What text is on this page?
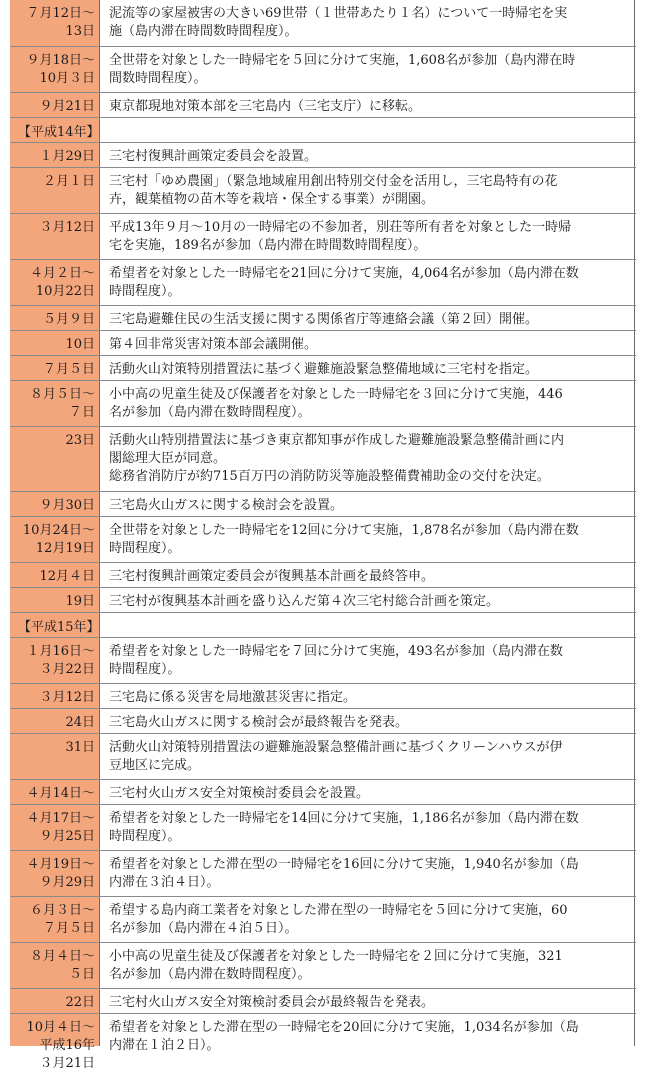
７月12日～
13日
泥流等の家屋被害の大きい69世帯（１世帯あたり１名）について一時帰宅を実
施（島内滞在時間数時間程度）。
９月18日～
10月３日
全世帯を対象とした一時帰宅を５回に分けて実施，1,608名が参加（島内滞在時
間数時間程度）。
９月21日 東京都現地対策本部を三宅島内（三宅支庁）に移転。
【平成14年】
１月29日 三宅村復興計画策定委員会を設置。
２月１日 三宅村「ゆめ農園」（緊急地域雇用創出特別交付金を活用し，三宅島特有の花
卉，観葉植物の苗木等を栽培・保全する事業）が開園。
３月12日 平成13年９月～10月の一時帰宅の不参加者，別荘等所有者を対象とした一時帰
宅を実施，189名が参加（島内滞在時間数時間程度）。
４月２日～
10月22日
希望者を対象とした一時帰宅を21回に分けて実施，4,064名が参加（島内滞在数
時間程度）。
５月９日 三宅島避難住民の生活支援に関する関係省庁等連絡会議（第２回）開催。
10日 第４回非常災害対策本部会議開催。
７月５日 活動火山対策特別措置法に基づく避難施設緊急整備地域に三宅村を指定。
８月５日～
７日
小中高の児童生徒及び保護者を対象とした一時帰宅を３回に分けて実施，446
名が参加（島内滞在数時間程度）。
23日 活動火山特別措置法に基づき東京都知事が作成した避難施設緊急整備計画に内
閣総理大臣が同意。
総務省消防庁が約715百万円の消防防災等施設整備費補助金の交付を決定。
９月30日 三宅島火山ガスに関する検討会を設置。
10月24日～
12月19日
全世帯を対象とした一時帰宅を12回に分けて実施，1,878名が参加（島内滞在数
時間程度）。
12月４日 三宅村復興計画策定委員会が復興基本計画を最終答申。
19日 三宅村が復興基本計画を盛り込んだ第４次三宅村総合計画を策定。
【平成15年】
１月16日～
３月22日
希望者を対象とした一時帰宅を７回に分けて実施，493名が参加（島内滞在数
時間程度）。
３月12日 三宅島に係る災害を局地激甚災害に指定。
24日 三宅島火山ガスに関する検討会が最終報告を発表。
31日 活動火山対策特別措置法の避難施設緊急整備計画に基づくクリーンハウスが伊
豆地区に完成。
４月14日～ 三宅村火山ガス安全対策検討委員会を設置。
４月17日～
９月25日
希望者を対象とした一時帰宅を14回に分けて実施，1,186名が参加（島内滞在数
時間程度）。
４月19日～
９月29日
希望者を対象とした滞在型の一時帰宅を16回に分けて実施，1,940名が参加（島
内滞在３泊４日）。
６月３日～
７月５日
希望する島内商工業者を対象とした滞在型の一時帰宅を５回に分けて実施，60
名が参加（島内滞在４泊５日）。
８月４日～
５日
小中高の児童生徒及び保護者を対象とした一時帰宅を２回に分けて実施，321
名が参加（島内滞在数時間程度）。
22日 三宅村火山ガス安全対策検討委員会が最終報告を発表。
10月４日～
平成16年
３月21日
希望者を対象とした滞在型の一時帰宅を20回に分けて実施，1,034名が参加（島
内滞在１泊２日）。
